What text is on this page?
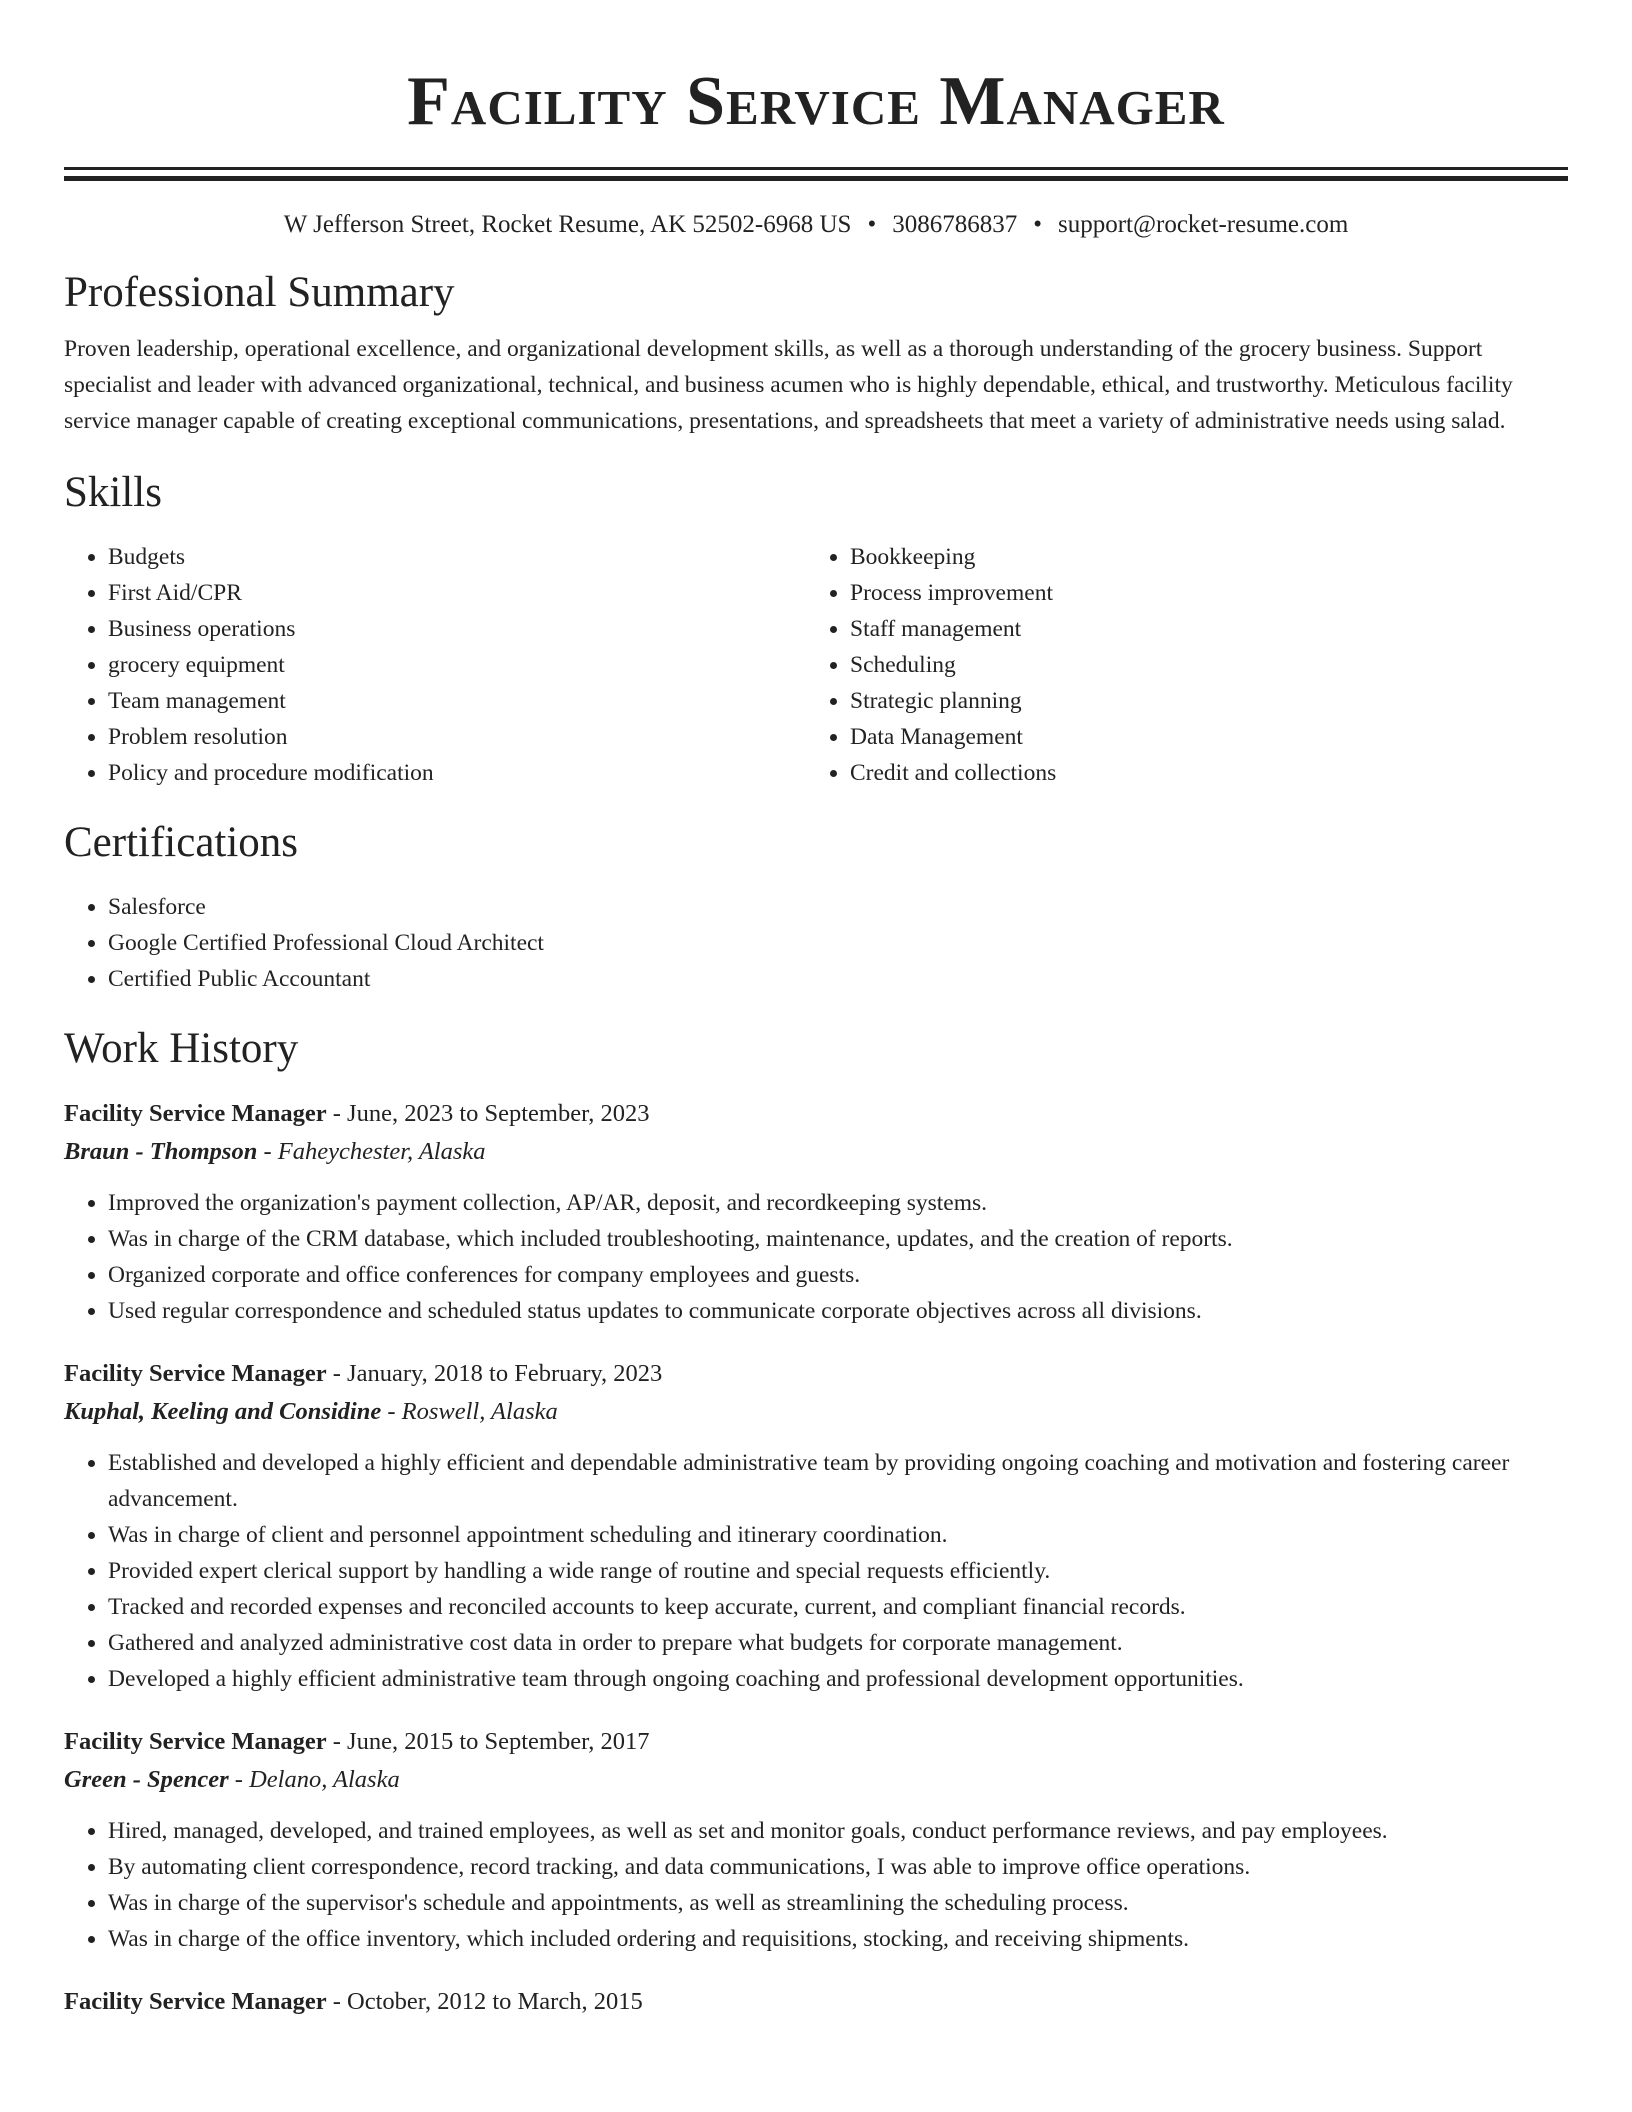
Facility Service Manager
W Jefferson Street, Rocket Resume, AK 52502-6968 US • 3086786837 • support@rocket-resume.com
Professional Summary

Proven leadership, operational excellence, and organizational development skills, as well as a thorough understanding of the grocery business. Support specialist and leader with advanced organizational, technical, and business acumen who is highly dependable, ethical, and trustworthy. Meticulous facility service manager capable of creating exceptional communications, presentations, and spreadsheets that meet a variety of administrative needs using salad.

Skills
• Budgets
• First Aid/CPR
• Business operations
• grocery equipment
• Team management
• Problem resolution
• Policy and procedure modification
• Bookkeeping
• Process improvement
• Staff management
• Scheduling
• Strategic planning
• Data Management
• Credit and collections
Certifications
• Salesforce
• Google Certified Professional Cloud Architect
• Certified Public Accountant
Work History
Facility Service Manager - June, 2023 to September, 2023
Braun - Thompson - Faheychester, Alaska
• Improved the organization's payment collection, AP/AR, deposit, and recordkeeping systems.
• Was in charge of the CRM database, which included troubleshooting, maintenance, updates, and the creation of reports.
• Organized corporate and office conferences for company employees and guests.
• Used regular correspondence and scheduled status updates to communicate corporate objectives across all divisions.
Facility Service Manager - January, 2018 to February, 2023
Kuphal, Keeling and Considine - Roswell, Alaska
• Established and developed a highly efficient and dependable administrative team by providing ongoing coaching and motivation and fostering career advancement.
• Was in charge of client and personnel appointment scheduling and itinerary coordination.
• Provided expert clerical support by handling a wide range of routine and special requests efficiently.
• Tracked and recorded expenses and reconciled accounts to keep accurate, current, and compliant financial records.
• Gathered and analyzed administrative cost data in order to prepare what budgets for corporate management.
• Developed a highly efficient administrative team through ongoing coaching and professional development opportunities.
Facility Service Manager - June, 2015 to September, 2017
Green - Spencer - Delano, Alaska
• Hired, managed, developed, and trained employees, as well as set and monitor goals, conduct performance reviews, and pay employees.
• By automating client correspondence, record tracking, and data communications, I was able to improve office operations.
• Was in charge of the supervisor's schedule and appointments, as well as streamlining the scheduling process.
• Was in charge of the office inventory, which included ordering and requisitions, stocking, and receiving shipments.
Facility Service Manager - October, 2012 to March, 2015
